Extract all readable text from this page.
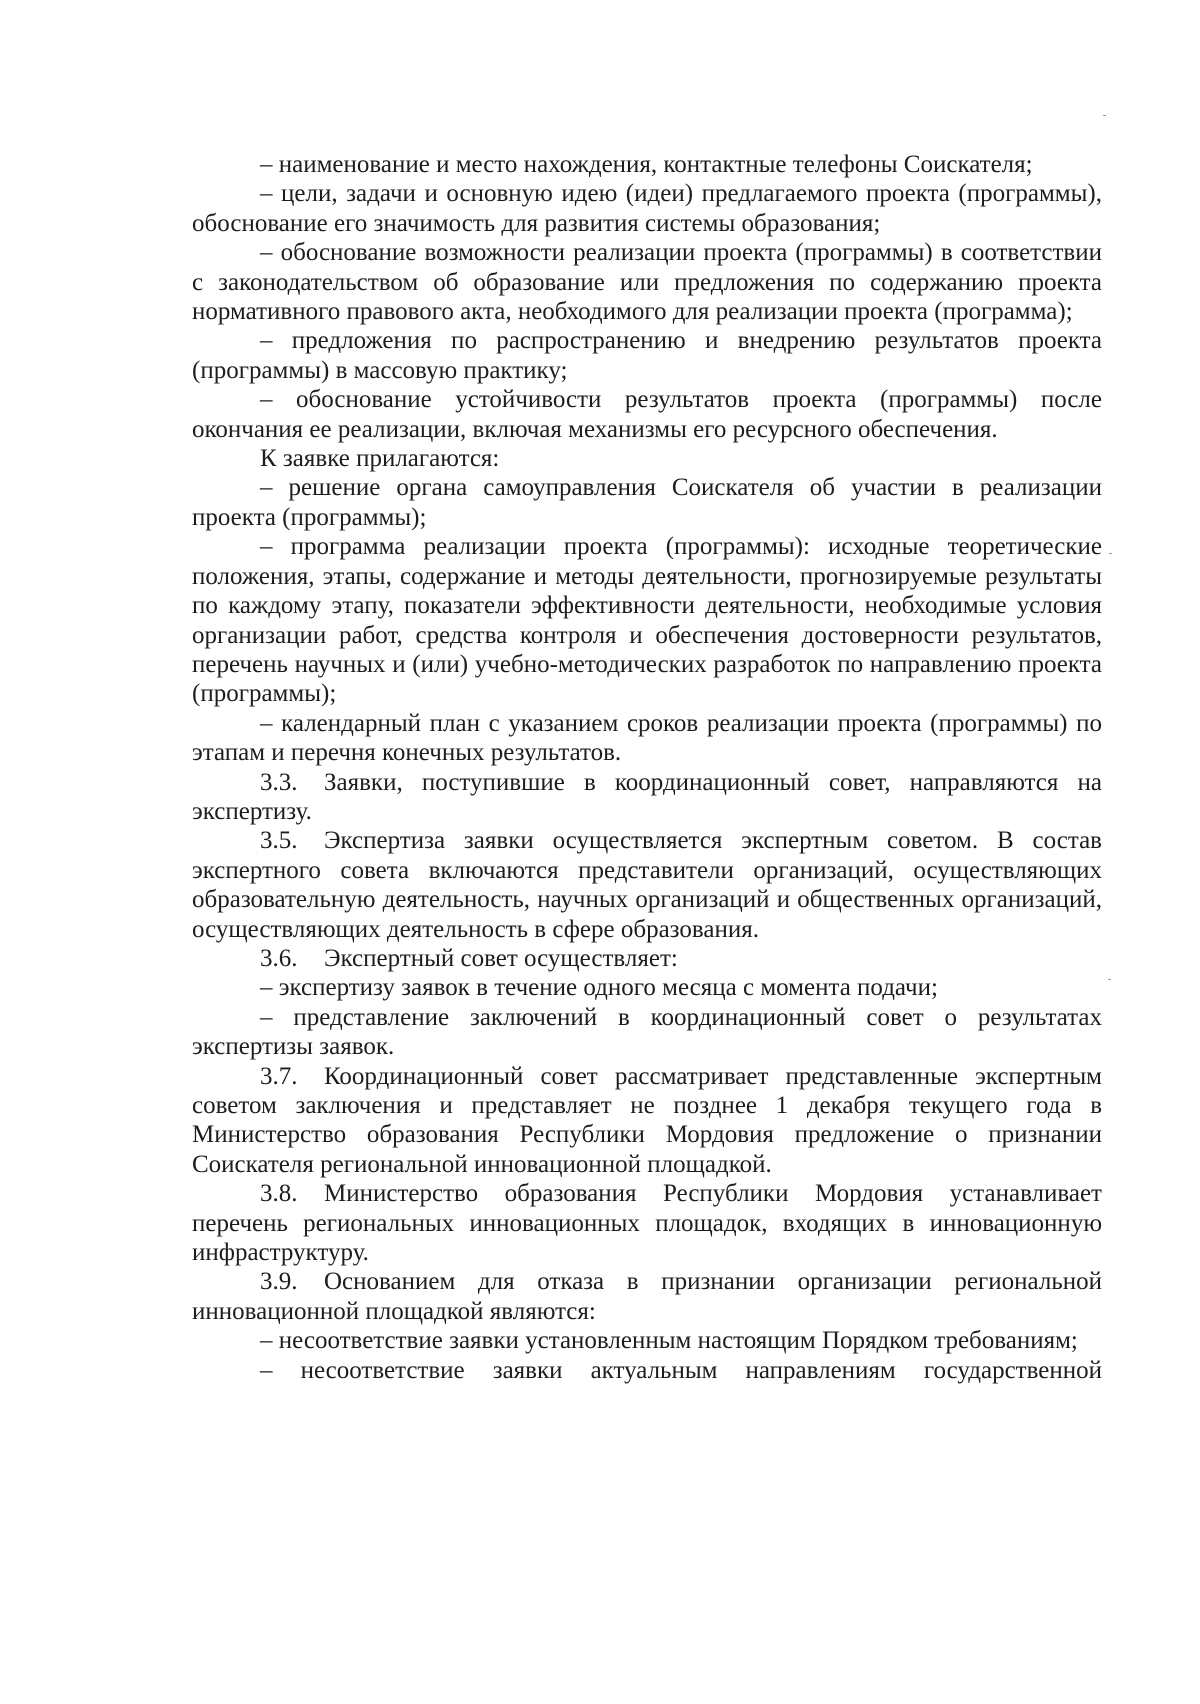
– наименование и место нахождения, контактные телефоны Соискателя;

– цели, задачи и основную идею (идеи) предлагаемого проекта (программы), обоснование его значимость для развития системы образования;

– обоснование возможности реализации проекта (программы) в соответствии с законодательством об образование или предложения по содержанию проекта нормативного правового акта, необходимого для реализации проекта (программа);

– предложения по распространению и внедрению результатов проекта (программы) в массовую практику;

– обоснование устойчивости результатов проекта (программы) после окончания ее реализации, включая механизмы его ресурсного обеспечения.

К заявке прилагаются:

– решение органа самоуправления Соискателя об участии в реализации проекта (программы);

– программа реализации проекта (программы): исходные теоретические положения, этапы, содержание и методы деятельности, прогнозируемые результаты по каждому этапу, показатели эффективности деятельности, необходимые условия организации работ, средства контроля и обеспечения достоверности результатов, перечень научных и (или) учебно-методических разработок по направлению проекта (программы);

– календарный план с указанием сроков реализации проекта (программы) по этапам и перечня конечных результатов.

3.3. Заявки, поступившие в координационный совет, направляются на экспертизу.

3.5. Экспертиза заявки осуществляется экспертным советом. В состав экспертного совета включаются представители организаций, осуществляющих образовательную деятельность, научных организаций и общественных организаций, осуществляющих деятельность в сфере образования.

3.6. Экспертный совет осуществляет:

– экспертизу заявок в течение одного месяца с момента подачи;

– представление заключений в координационный совет о результатах экспертизы заявок.

3.7. Координационный совет рассматривает представленные экспертным советом заключения и представляет не позднее 1 декабря текущего года в Министерство образования Республики Мордовия предложение о признании Соискателя региональной инновационной площадкой.

3.8. Министерство образования Республики Мордовия устанавливает перечень региональных инновационных площадок, входящих в инновационную инфраструктуру.

3.9. Основанием для отказа в признании организации региональной инновационной площадкой являются:

– несоответствие заявки установленным настоящим Порядком требованиям;

– несоответствие заявки актуальным направлениям государственной
